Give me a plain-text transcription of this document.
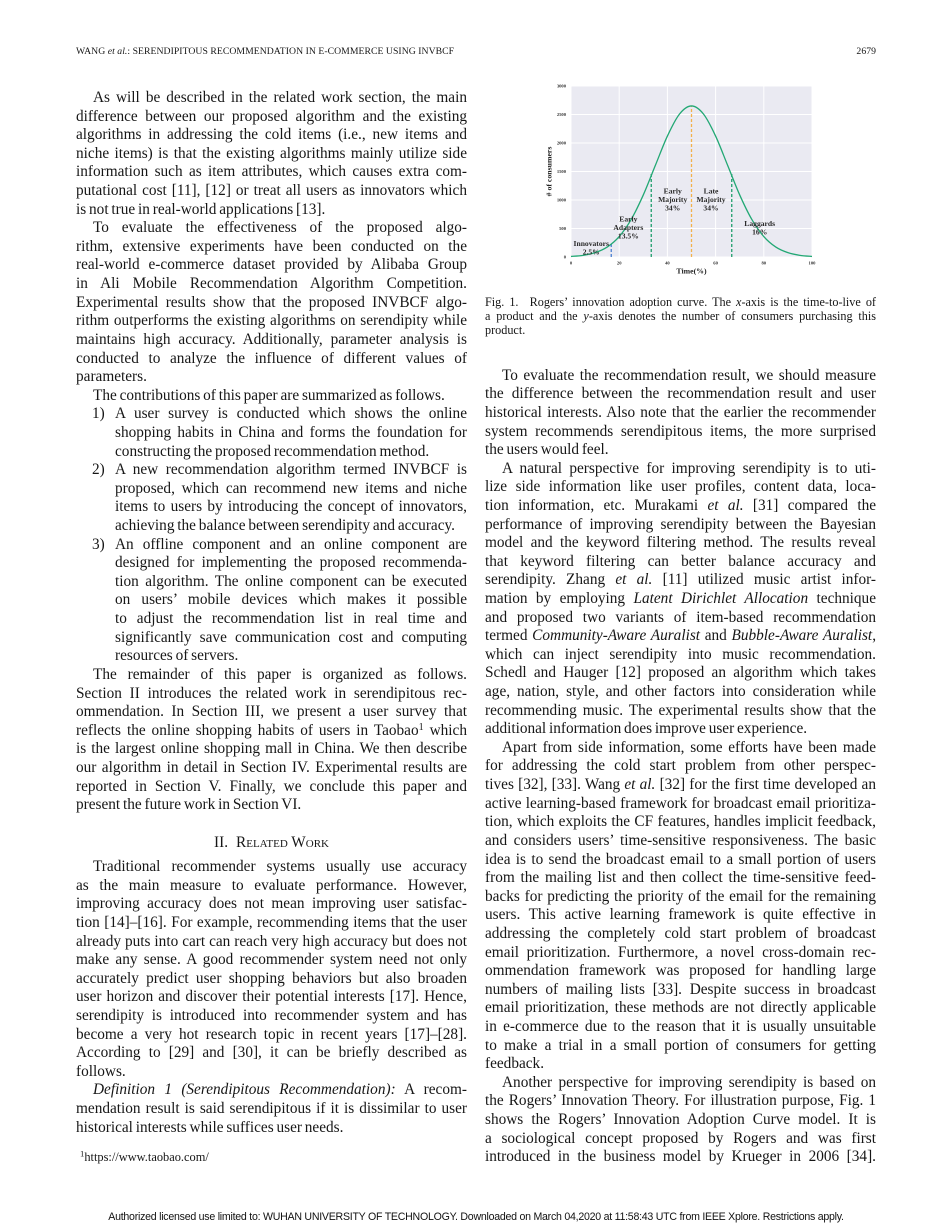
WANG et al.: SERENDIPITOUS RECOMMENDATION IN E-COMMERCE USING INVBCF	2679
As will be described in the related work section, the main
difference between our proposed algorithm and the existing
algorithms in addressing the cold items (i.e., new items and
niche items) is that the existing algorithms mainly utilize side
information such as item attributes, which causes extra com-
putational cost [11], [12] or treat all users as innovators which
is not true in real-world applications [13].
To evaluate the effectiveness of the proposed algo-
rithm, extensive experiments have been conducted on the
real-world e-commerce dataset provided by Alibaba Group
in Ali Mobile Recommendation Algorithm Competition.
Experimental results show that the proposed INVBCF algo-
rithm outperforms the existing algorithms on serendipity while
maintains high accuracy. Additionally, parameter analysis is
conducted to analyze the influence of different values of
parameters.
The contributions of this paper are summarized as follows.
1) A user survey is conducted which shows the online
shopping habits in China and forms the foundation for
constructing the proposed recommendation method.
2) A new recommendation algorithm termed INVBCF is
proposed, which can recommend new items and niche
items to users by introducing the concept of innovators,
achieving the balance between serendipity and accuracy.
3) An offline component and an online component are
designed for implementing the proposed recommenda-
tion algorithm. The online component can be executed
on users’ mobile devices which makes it possible
to adjust the recommendation list in real time and
significantly save communication cost and computing
resources of servers.
The remainder of this paper is organized as follows.
Section II introduces the related work in serendipitous rec-
ommendation. In Section III, we present a user survey that
reflects the online shopping habits of users in Taobao$^1$ which
is the largest online shopping mall in China. We then describe
our algorithm in detail in Section IV. Experimental results are
reported in Section V. Finally, we conclude this paper and
present the future work in Section VI.
II. Related Work
Traditional recommender systems usually use accuracy
as the main measure to evaluate performance. However,
improving accuracy does not mean improving user satisfac-
tion [14]–[16]. For example, recommending items that the user
already puts into cart can reach very high accuracy but does not
make any sense. A good recommender system need not only
accurately predict user shopping behaviors but also broaden
user horizon and discover their potential interests [17]. Hence,
serendipity is introduced into recommender system and has
become a very hot research topic in recent years [17]–[28].
According to [29] and [30], it can be briefly described as
follows.
Definition 1 (Serendipitous Recommendation): A recom-
mendation result is said serendipitous if it is dissimilar to user
historical interests while suffices user needs.
$^1$https://www.taobao.com/
0	20	40	60	80	100
0
500
1000
1500
2000
2500
3000
Innovators 2.5%
Early Adapters 13.5%
Early Majority 34%
Late Majority 34%
Laggards 16%
Time(%)
# of consumers
Fig. 1.  Rogers’ innovation adoption curve. The x-axis is the time-to-live of
a product and the y-axis denotes the number of consumers purchasing this
product.
To evaluate the recommendation result, we should measure
the difference between the recommendation result and user
historical interests. Also note that the earlier the recommender
system recommends serendipitous items, the more surprised
the users would feel.
A natural perspective for improving serendipity is to uti-
lize side information like user profiles, content data, loca-
tion information, etc. Murakami et al. [31] compared the
performance of improving serendipity between the Bayesian
model and the keyword filtering method. The results reveal
that keyword filtering can better balance accuracy and
serendipity. Zhang et al. [11] utilized music artist infor-
mation by employing Latent Dirichlet Allocation technique
and proposed two variants of item-based recommendation
termed Community-Aware Auralist and Bubble-Aware Auralist,
which can inject serendipity into music recommendation.
Schedl and Hauger [12] proposed an algorithm which takes
age, nation, style, and other factors into consideration while
recommending music. The experimental results show that the
additional information does improve user experience.
Apart from side information, some efforts have been made
for addressing the cold start problem from other perspec-
tives [32], [33]. Wang et al. [32] for the first time developed an
active learning-based framework for broadcast email prioritiza-
tion, which exploits the CF features, handles implicit feedback,
and considers users’ time-sensitive responsiveness. The basic
idea is to send the broadcast email to a small portion of users
from the mailing list and then collect the time-sensitive feed-
backs for predicting the priority of the email for the remaining
users. This active learning framework is quite effective in
addressing the completely cold start problem of broadcast
email prioritization. Furthermore, a novel cross-domain rec-
ommendation framework was proposed for handling large
numbers of mailing lists [33]. Despite success in broadcast
email prioritization, these methods are not directly applicable
in e-commerce due to the reason that it is usually unsuitable
to make a trial in a small portion of consumers for getting
feedback.
Another perspective for improving serendipity is based on
the Rogers’ Innovation Theory. For illustration purpose, Fig. 1
shows the Rogers’ Innovation Adoption Curve model. It is
a sociological concept proposed by Rogers and was first
introduced in the business model by Krueger in 2006 [34].
Authorized licensed use limited to: WUHAN UNIVERSITY OF TECHNOLOGY. Downloaded on March 04,2020 at 11:58:43 UTC from IEEE Xplore. Restrictions apply.
